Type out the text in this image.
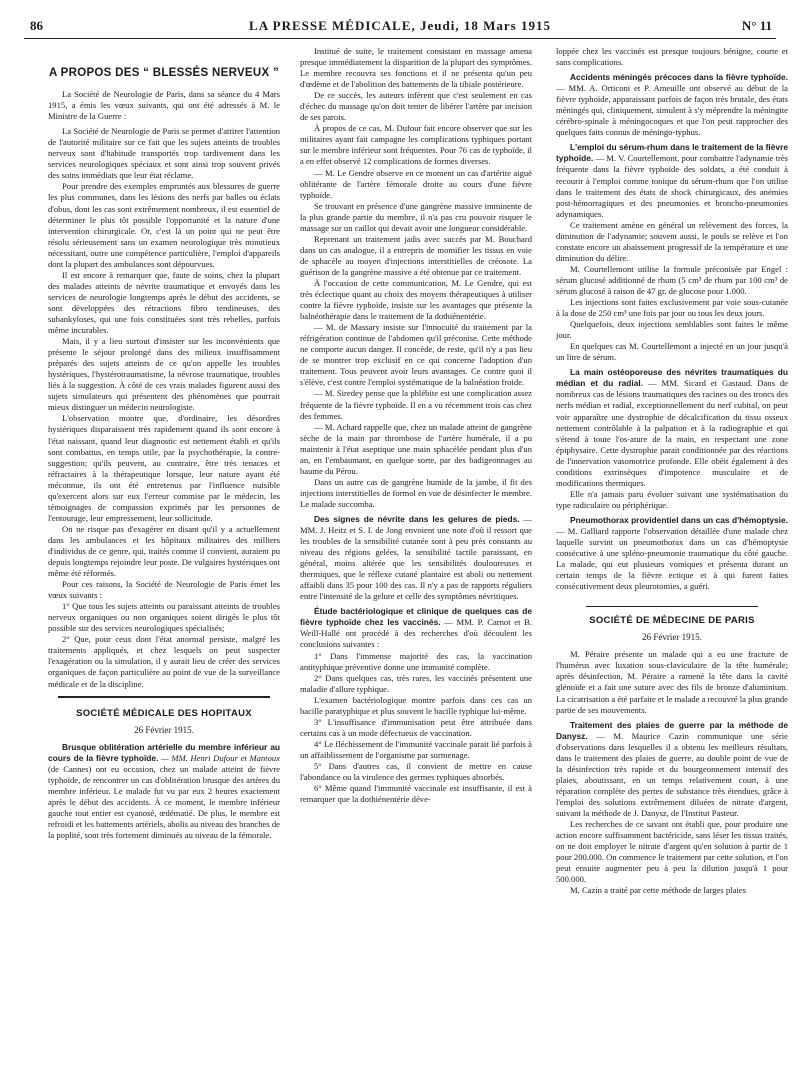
86	LA PRESSE MÉDICALE, Jeudi, 18 Mars 1915	N° 11
A PROPOS DES “ BLESSÉS NERVEUX ”

La Société de Neurologie de Paris, dans sa séance du 4 Mars 1915, a émis les vœux suivants, qui ont été adressés à M. le Ministre de la Guerre :

La Société de Neurologie de Paris se permet d'attirer l'attention de l'autorité militaire sur ce fait que les sujets atteints de troubles nerveux sont d'habitude transportés trop tardivement dans les services neurologiques spéciaux et sont ainsi trop souvent privés des soins immédiats que leur état réclame.

Pour prendre des exemples empruntés aux blessures de guerre les plus communes, dans les lésions des nerfs par balles ou éclats d'obus, dont les cas sont extrêmement nombreux, il est essentiel de déterminer le plus tôt possible l'opportunité et la nature d'une intervention chirurgicale. Or, c'est là un point qui ne peut être résolu sérieusement sans un examen neurologique très minutieux nécessitant, outre une compétence particulière, l'emploi d'appareils dont la plupart des ambulances sont dépourvues.

Il est encore à remarquer que, faute de soins, chez la plupart des malades atteints de névrite traumatique et envoyés dans les services de neurologie longtemps après le début des accidents, se sont développées des rétractions fibro tendineuses, des subankyloses, qui une fois constituées sont très rebelles, parfois même incurables.

Mais, il y a lieu surtout d'insister sur les inconvénients que présente le séjour prolongé dans des milieux insuffisamment préparés des sujets atteints de ce qu'on appelle les troubles hystériques, l'hystérotraumatisme, la névrose traumatique, troubles liés à la suggestion. À côté de ces vrais malades figurent aussi des sujets simulateurs qui présentent des phénomènes que pourrait mieux distinguer un médecin neurologiste.

L'observation montre que, d'ordinaire, les désordres hystériques disparaissent très rapidement quand ils sont encore à l'état naissant, quand leur diagnostic est nettement établi et qu'ils sont combattus, en temps utile, par la psychothérapie, la contre-suggestion; qu'ils peuvent, au contraire, être très tenaces et réfractaires à la thérapeutique lorsque, leur nature ayant été méconnue, ils ont été entretenus par l'influence nuisible qu'exercent alors sur eux l'erreur commise par le médecin, les témoignages de compassion exprimés par les personnes de l'entourage, leur empressement, leur sollicitude.

On ne risque pas d'exagérer en disant qu'il y a actuellement dans les ambulances et les hôpitaux militaires des milliers d'individus de ce genre, qui, traités comme il convient, auraient pu depuis longtemps rejoindre leur poste. De vulgaires hystériques ont même été réformés.

Pour ces raisons, la Société de Neurologie de Paris émet les vœux suivants :

1° Que tous les sujets atteints ou paraissant atteints de troubles nerveux organiques ou non organiques soient dirigés le plus tôt possible sur des services neurologiques spécialisés;

2° Que, pour ceux dont l'état anormal persiste, malgré les traitements appliqués, et chez lesquels on peut suspecter l'exagération ou la simulation, il y aurait lieu de créer des services organiques de façon particulière au point de vue de la surveillance médicale et de la discipline.

SOCIÉTÉ MÉDICALE DES HOPITAUX
26 Février 1915.

Brusque oblitération artérielle du membre inférieur au cours de la fièvre typhoïde. — MM. Henri Dufour et Mantoux (de Cannes) ont eu occasion, chez un malade atteint de fièvre typhoïde, de rencontrer un cas d'oblitération brusque des artères du membre inférieur. Le malade fut vu par eux 2 heures exactement après le début des accidents. À ce moment, le membre inférieur gauche tout entier est cyanosé, œdématié. De plus, le membre est refroidi et les battements artériels, abolis au niveau des branches de la poplité, sont très fortement diminués au niveau de la fémorale.

Institué de suite, le traitement consistant en massage amena presque immédiatement la disparition de la plupart des symptômes. Le membre recouvra ses fonctions et il ne présenta qu'un peu d'œdème et de l'abolition des battements de la tibiale postérieure.

De ce succès, les auteurs infèrent que c'est seulement en cas d'échec du massage qu'on doit tenter de libérer l'artère par incision de ses parois.

À propos de ce cas, M. Dufour fait encore observer que sur les militaires ayant fait campagne les complications typhiques portant sur le membre inférieur sont fréquentes. Pour 76 cas de typhoïde, il a en effet observé 12 complications de formes diverses.

— M. Le Gendre observe en ce moment un cas d'artérite aiguë oblitérante de l'artère fémorale droite au cours d'une fièvre typhoïde.

Se trouvant en présence d'une gangrène massive imminente de la plus grande partie du membre, il n'a pas cru pouvoir risquer le massage sur un caillot qui devait avoir une longueur considérable.

Reprenant un traitement jadis avec succès par M. Bouchard dans un cas analogue, il a entrepris de momifier les tissus en voie de sphacèle au moyen d'injections interstitielles de créosote. La guérison de la gangrène massive a été obtenue par ce traitement.

À l'occasion de cette communication, M. Le Gendre, qui est très éclectique quant au choix des moyens thérapeutiques à utiliser contre la fièvre typhoïde, insiste sur les avantages que présente la balnéothérapie dans le traitement de la dothiénentérie.

— M. de Massary insiste sur l'innocuité du traitement par la réfrigération continue de l'abdomen qu'il préconise. Cette méthode ne comporte aucun danger. Il concède, de reste, qu'il n'y a pas lieu de se montrer trop exclusif en ce qui concerne l'adoption d'un traitement. Tous peuvent avoir leurs avantages. Ce contre quoi il s'élève, c'est contre l'emploi systématique de la balnéation froide.

— M. Siredey pense que la phlébite est une complication assez fréquente de la fièvre typhoïde. Il en a vu récemment trois cas chez des femmes.

— M. Achard rappelle que, chez un malade atteint de gangrène sèche de la main par thrombose de l'artère humérale, il a pu maintenir à l'état aseptique une main sphacélée pendant plus d'un an, en l'embaumant, en quelque sorte, par des badigeonnages au baume du Pérou.

Dans un autre cas de gangrène humide de la jambe, il fit des injections interstitielles de formol en vue de désinfecter le membre. Le malade succomba.

Des signes de névrite dans les gelures de pieds. — MM. J. Heitz et S. I. de Jong envoient une note d'où il ressort que les troubles de la sensibilité cutanée sont à peu près constants au niveau des régions gelées, la sensibilité tactile paraissant, en général, moins altérée que les sensibilités douloureuses et thermiques, que le réflexe cutané plantaire est aboli ou nettement affaibli dans 35 pour 100 des cas. Il n'y a pas de rapports réguliers entre l'intensité de la gelure et celle des symptômes névritiques.

Étude bactériologique et clinique de quelques cas de fièvre typhoïde chez les vaccinés. — MM. P. Carnot et B. Weill-Hallé ont procédé à des recherches d'où découlent les conclusions suivantes :

1° Dans l'immense majorité des cas, la vaccination antityphique préventive donne une immunité complète.

2° Dans quelques cas, très rares, les vaccinés présentent une maladie d'allure typhique.

L'examen bactériologique montre parfois dans ces cas un bacille paratyphique et plus souvent le bacille typhique lui-même.

3° L'insuffisance d'immunisation peut être attribuée dans certains cas à un mode défectueux de vaccination.

4° Le fléchissement de l'immunité vaccinale parait lié parfois à un affaiblissement de l'organisme par surmenage.

5° Dans d'autres cas, il convient de mettre en cause l'abondance ou la virulence des germes typhiques absorbés.

6° Même quand l'immunité vaccinale est insuffisante, il est à remarquer que la dothiénentérie déve-

loppée chez les vaccinés est presque toujours bénigne, courte et sans complications.

Accidents méningés précoces dans la fièvre typhoïde. — MM. A. Orticoni et P. Ameuille ont observé au début de la fièvre typhoïde, apparaissant parfois de façon très brutale, des états méningés qui, cliniquement, simulent à s'y méprendre la méningite cérébro-spinale à méningocoques et que l'on peut rapprocher des quelques faits connus de méningo-typhus.

L'emploi du sérum-rhum dans le traitement de la fièvre typhoïde. — M. V. Courtellemont, pour combattre l'adynamie très fréquente dans la fièvre typhoïde des soldats, a été conduit à recourir à l'emploi comme tonique du sérum-rhum que l'on utilise dans le traitement des états de shock chirurgicaux, des anémies post-hémorragiques et des pneumonies et broncho-pneumonies adynamiques.

Ce traitement amène en général un relèvement des forces, la diminution de l'adynamie; souvent aussi, le pouls se relève et l'on constate encore un abaissement progressif de la température et une diminution du délire.

M. Courtellemont utilise la formule préconisée par Engel : sérum glucosé additionné de rhum (5 cm³ de rhum par 100 cm³ de sérum glucosé à raison de 47 gr. de glucose pour 1.000.

Les injections sont faites exclusivement par voie sous-cutanée à la dose de 250 cm³ une fois par jour ou tous les deux jours.

Quelquefois, deux injections semblables sont faites le même jour.

En quelques cas M. Courtellemont a injecté en un jour jusqu'à un litre de sérum.

La main ostéoporeuse des névrites traumatiques du médian et du radial. — MM. Sicard et Gastaud. Dans de nombreux cas de lésions traumatiques des racines ou des troncs des nerfs médian et radial, exceptionnellement du nerf cubital, on peut voir apparaître une dystrophie de décalcification du tissu osseux nettement contrôlable à la palpation et à la radiographie et qui s'étend à toute l'os-ature de la main, en respectant une zone épiphysaire. Cette dystrophie parait conditionnée par des réactions de l'innervation vasomotrice profonde. Elle obéit également à des conditions extrinsèques d'impotence musculaire et de modifications thermiques.

Elle n'a jamais paru évoluer suivant une systématisation du type radiculaire ou périphérique.

Pneumothorax providentiel dans un cas d'hémoptysie. — M. Galliard rapporte l'observation détaillée d'une malade chez laquelle survint un pneumothorax dans un cas d'hémoptysie consécutive à une spléno-pneumonie traumatique du côté gauche. La malade, qui eut plusieurs vomiques et présenta durant un certain temps de la fièvre ectique et à qui furent faites consécutivement deux pleurotomies, a guéri.

SOCIÉTÉ DE MÉDECINE DE PARIS
26 Février 1915.

M. Péraire présente un malade qui a eu une fracture de l'humérus avec luxation sous-claviculaire de la tête humérale; après désinfection, M. Péraire a ramené la tête dans la cavité glénoïde et a fait une suture avec des fils de bronze d'aluminium. La cicatrisation a été parfaite et le malade a recouvré la plus grande partie de ses mouvements.

Traitement des plaies de guerre par la méthode de Danysz. — M. Maurice Cazin communique une série d'observations dans lesquelles il a obtenu les meilleurs résultats, dans le traitement des plaies de guerre, au double point de vue de la désinfection très rapide et du bourgeonnement intensif des plaies, aboutissant, en un temps relativement court, à une réparation complète des pertes de substance très étendues, grâce à l'emploi des solutions extrêmement diluées de nitrate d'argent, suivant la méthode de J. Danysz, de l'Institut Pasteur.

Les recherches de ce savant ont établi que, pour produire une action encore suffisamment bactéricide, sans léser les tissus traités, on ne doit employer le nitrate d'argent qu'en solution à partir de 1 pour 200.000. On commence le traitement par cette solution, et l'on peut ensuite augmenter peu à peu la dilution jusqu'à 1 pour 500.000.

M. Cazin a traité par cette méthode de larges plaies
